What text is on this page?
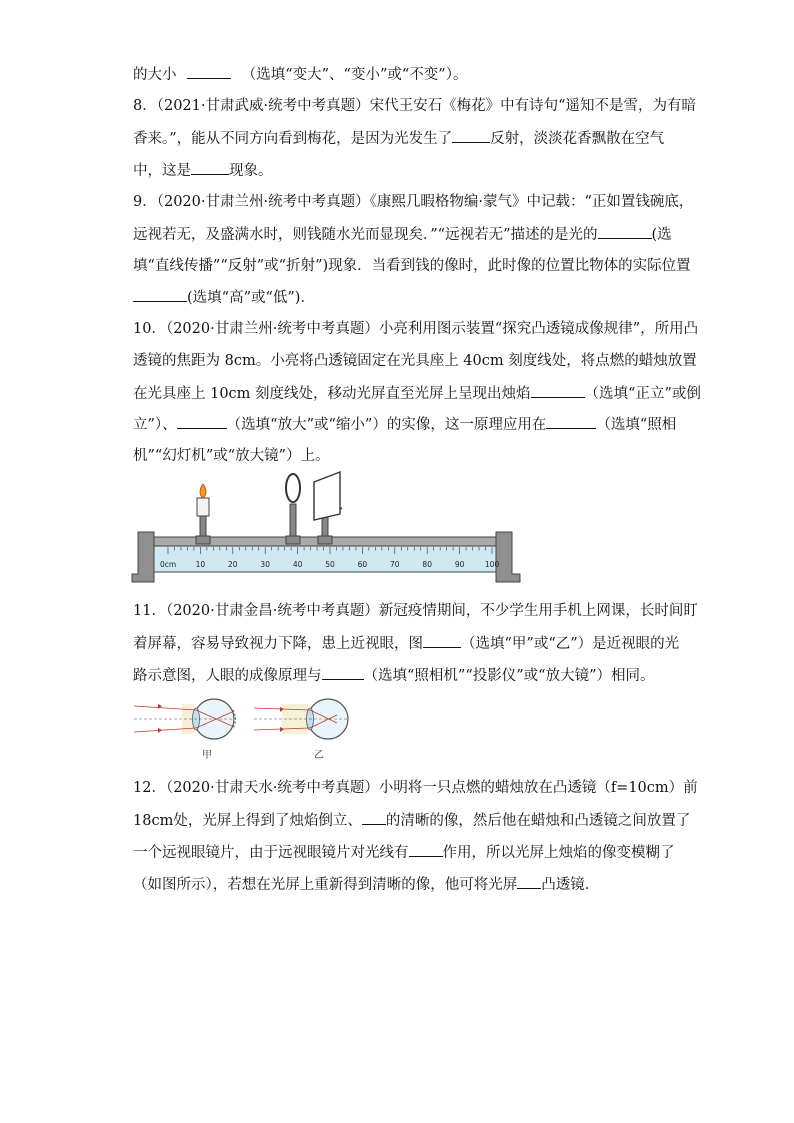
的大小	（选填“变大”、“变小”或“不变”）。
8．（2021·甘肃武威·统考中考真题）宋代王安石《梅花》中有诗句“遥知不是雪，为有暗
香来。”，能从不同方向看到梅花，是因为光发生了	反射，淡淡花香飘散在空气
中，这是	现象。
9．（2020·甘肃兰州·统考中考真题）《康熙几暇格物编·蒙气》中记载：“正如置钱碗底，
远视若无，及盛满水时，则钱随水光而显现矣．”“远视若无”描述的是光的	(选
填“直线传播”“反射”或“折射”)现象．当看到钱的像时，此时像的位置比物体的实际位置
(选填“高”或“低”)．
10．（2020·甘肃兰州·统考中考真题）小亮利用图示装置“探究凸透镜成像规律”，所用凸
透镜的焦距为 8cm。小亮将凸透镜固定在光具座上 40cm 刻度线处，将点燃的蜡烛放置
在光具座上 10cm 刻度线处，移动光屏直至光屏上呈现出烛焰	（选填“正立”或倒
立”）、	（选填“放大”或“缩小”）的实像，这一原理应用在	（选填“照相
机”“幻灯机”或“放大镜”）上。
0cm	10	20	30	40	50	60	70	80	90	100
11．（2020·甘肃金昌·统考中考真题）新冠疫情期间，不少学生用手机上网课，长时间盯
着屏幕，容易导致视力下降，患上近视眼，图	（选填“甲”或“乙”）是近视眼的光
路示意图，人眼的成像原理与	（选填“照相机”“投影仪”或“放大镜”）相同。
甲	乙
12．（2020·甘肃天水·统考中考真题）小明将一只点燃的蜡烛放在凸透镜（f=10cm）前
18cm处，光屏上得到了烛焰倒立、 的清晰的像，然后他在蜡烛和凸透镜之间放置了
一个远视眼镜片，由于远视眼镜片对光线有 作用，所以光屏上烛焰的像变模糊了
（如图所示），若想在光屏上重新得到清晰的像，他可将光屏 凸透镜．
